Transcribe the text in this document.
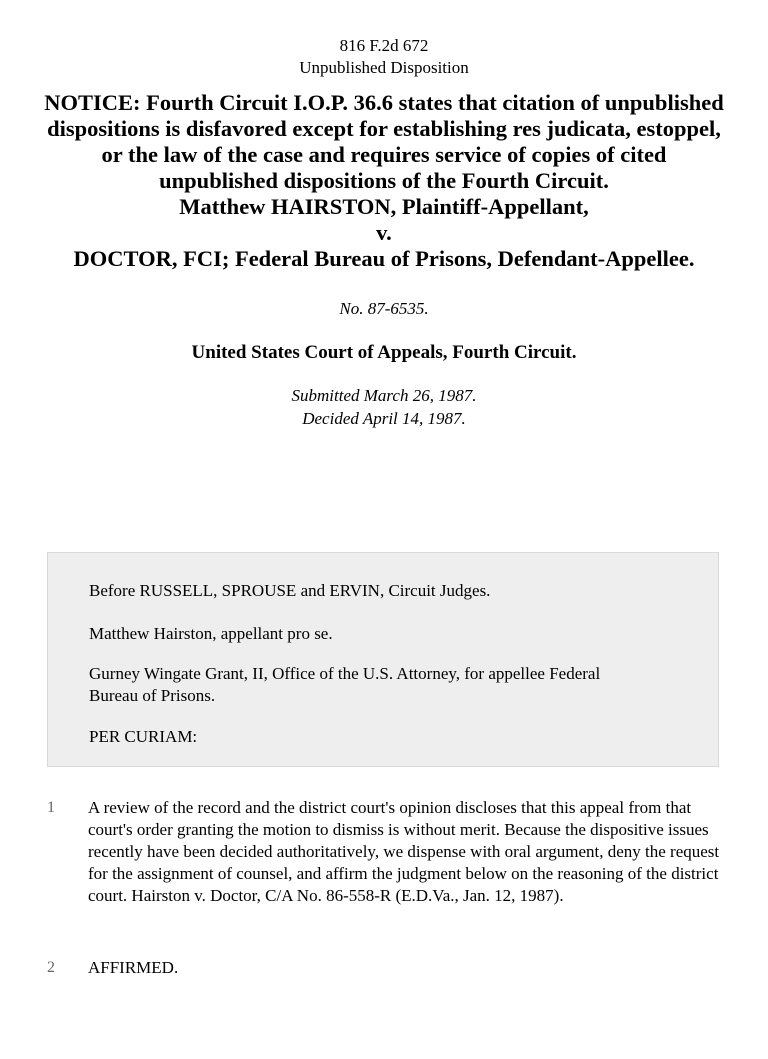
816 F.2d 672
Unpublished Disposition
NOTICE: Fourth Circuit I.O.P. 36.6 states that citation of unpublished dispositions is disfavored except for establishing res judicata, estoppel, or the law of the case and requires service of copies of cited unpublished dispositions of the Fourth Circuit.
Matthew HAIRSTON, Plaintiff-Appellant,
v.
DOCTOR, FCI; Federal Bureau of Prisons, Defendant-Appellee.
No. 87-6535.
United States Court of Appeals, Fourth Circuit.
Submitted March 26, 1987.
Decided April 14, 1987.
Before RUSSELL, SPROUSE and ERVIN, Circuit Judges.
Matthew Hairston, appellant pro se.
Gurney Wingate Grant, II, Office of the U.S. Attorney, for appellee Federal Bureau of Prisons.
PER CURIAM:
1 A review of the record and the district court's opinion discloses that this appeal from that court's order granting the motion to dismiss is without merit. Because the dispositive issues recently have been decided authoritatively, we dispense with oral argument, deny the request for the assignment of counsel, and affirm the judgment below on the reasoning of the district court. Hairston v. Doctor, C/A No. 86-558-R (E.D.Va., Jan. 12, 1987).
2 AFFIRMED.
